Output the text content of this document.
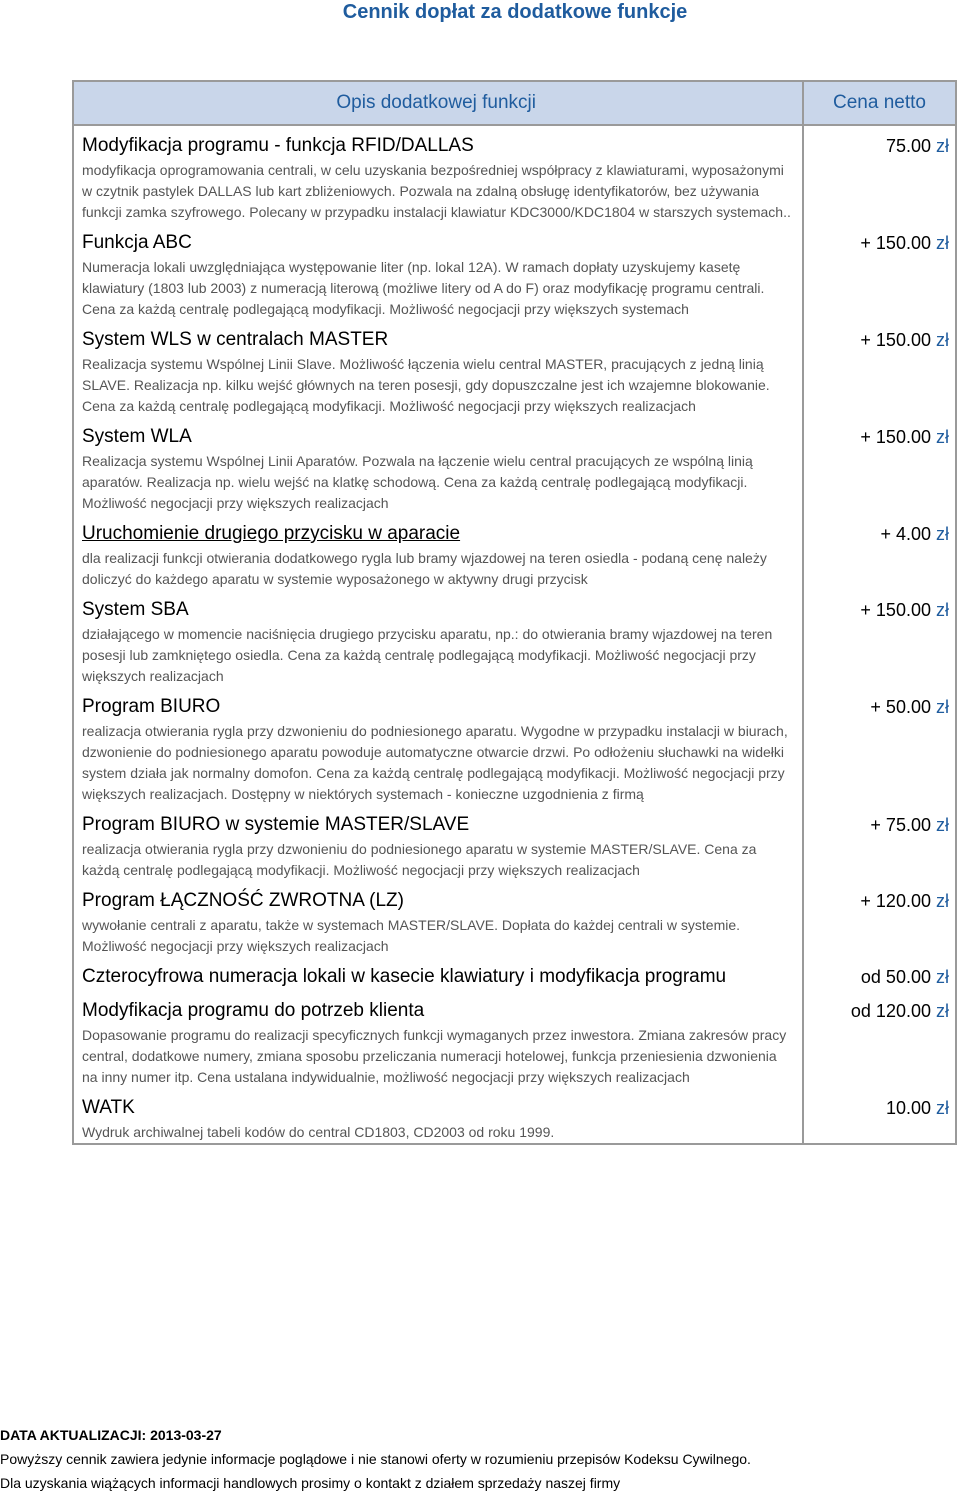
Cennik dopłat za dodatkowe funkcje
Opis dodatkowej funkcji	Cena netto

Modyfikacja programu - funkcja RFID/DALLAS
modyfikacja oprogramowania centrali, w celu uzyskania bezpośredniej współpracy z klawiaturami, wyposażonymi w czytnik pastylek DALLAS lub kart zbliżeniowych. Pozwala na zdalną obsługę identyfikatorów, bez używania funkcji zamka szyfrowego. Polecany w przypadku instalacji klawiatur KDC3000/KDC1804 w starszych systemach..	75.00 zł

Funkcja ABC
Numeracja lokali uwzględniająca występowanie liter (np. lokal 12A). W ramach dopłaty uzyskujemy kasetę klawiatury (1803 lub 2003) z numeracją literową (możliwe litery od A do F) oraz modyfikację programu centrali. Cena za każdą centralę podlegającą modyfikacji. Możliwość negocjacji przy większych systemach	+ 150.00 zł

System WLS w centralach MASTER
Realizacja systemu Wspólnej Linii Slave. Możliwość łączenia wielu central MASTER, pracujących z jedną linią SLAVE. Realizacja np. kilku wejść głównych na teren posesji, gdy dopuszczalne jest ich wzajemne blokowanie. Cena za każdą centralę podlegającą modyfikacji. Możliwość negocjacji przy większych realizacjach	+ 150.00 zł

System WLA
Realizacja systemu Wspólnej Linii Aparatów. Pozwala na łączenie wielu central pracujących ze wspólną linią aparatów. Realizacja np. wielu wejść na klatkę schodową. Cena za każdą centralę podlegającą modyfikacji. Możliwość negocjacji przy większych realizacjach	+ 150.00 zł

Uruchomienie drugiego przycisku w aparacie
dla realizacji funkcji otwierania dodatkowego rygla lub bramy wjazdowej na teren osiedla - podaną cenę należy doliczyć do każdego aparatu w systemie wyposażonego w aktywny drugi przycisk	+ 4.00 zł

System SBA
działającego w momencie naciśnięcia drugiego przycisku aparatu, np.: do otwierania bramy wjazdowej na teren posesji lub zamkniętego osiedla. Cena za każdą centralę podlegającą modyfikacji. Możliwość negocjacji przy większych realizacjach	+ 150.00 zł

Program BIURO
realizacja otwierania rygla przy dzwonieniu do podniesionego aparatu. Wygodne w przypadku instalacji w biurach, dzwonienie do podniesionego aparatu powoduje automatyczne otwarcie drzwi. Po odłożeniu słuchawki na widełki system działa jak normalny domofon. Cena za każdą centralę podlegającą modyfikacji. Możliwość negocjacji przy większych realizacjach. Dostępny w niektórych systemach - konieczne uzgodnienia z firmą	+ 50.00 zł

Program BIURO w systemie MASTER/SLAVE
realizacja otwierania rygla przy dzwonieniu do podniesionego aparatu w systemie MASTER/SLAVE. Cena za każdą centralę podlegającą modyfikacji. Możliwość negocjacji przy większych realizacjach	+ 75.00 zł

Program ŁĄCZNOŚĆ ZWROTNA (LZ)
wywołanie centrali z aparatu, także w systemach MASTER/SLAVE. Dopłata do każdej centrali w systemie. Możliwość negocjacji przy większych realizacjach	+ 120.00 zł

Czterocyfrowa numeracja lokali w kasecie klawiatury i modyfikacja programu	od 50.00 zł

Modyfikacja programu do potrzeb klienta
Dopasowanie programu do realizacji specyficznych funkcji wymaganych przez inwestora. Zmiana zakresów pracy central, dodatkowe numery, zmiana sposobu przeliczania numeracji hotelowej, funkcja przeniesienia dzwonienia na inny numer itp. Cena ustalana indywidualnie, możliwość negocjacji przy większych realizacjach	od 120.00 zł

WATK
Wydruk archiwalnej tabeli kodów do central CD1803, CD2003 od roku 1999.	10.00 zł
DATA AKTUALIZACJI: 2013-03-27
Powyższy cennik zawiera jedynie informacje poglądowe i nie stanowi oferty w rozumieniu przepisów Kodeksu Cywilnego.
Dla uzyskania wiążących informacji handlowych prosimy o kontakt z działem sprzedaży naszej firmy
